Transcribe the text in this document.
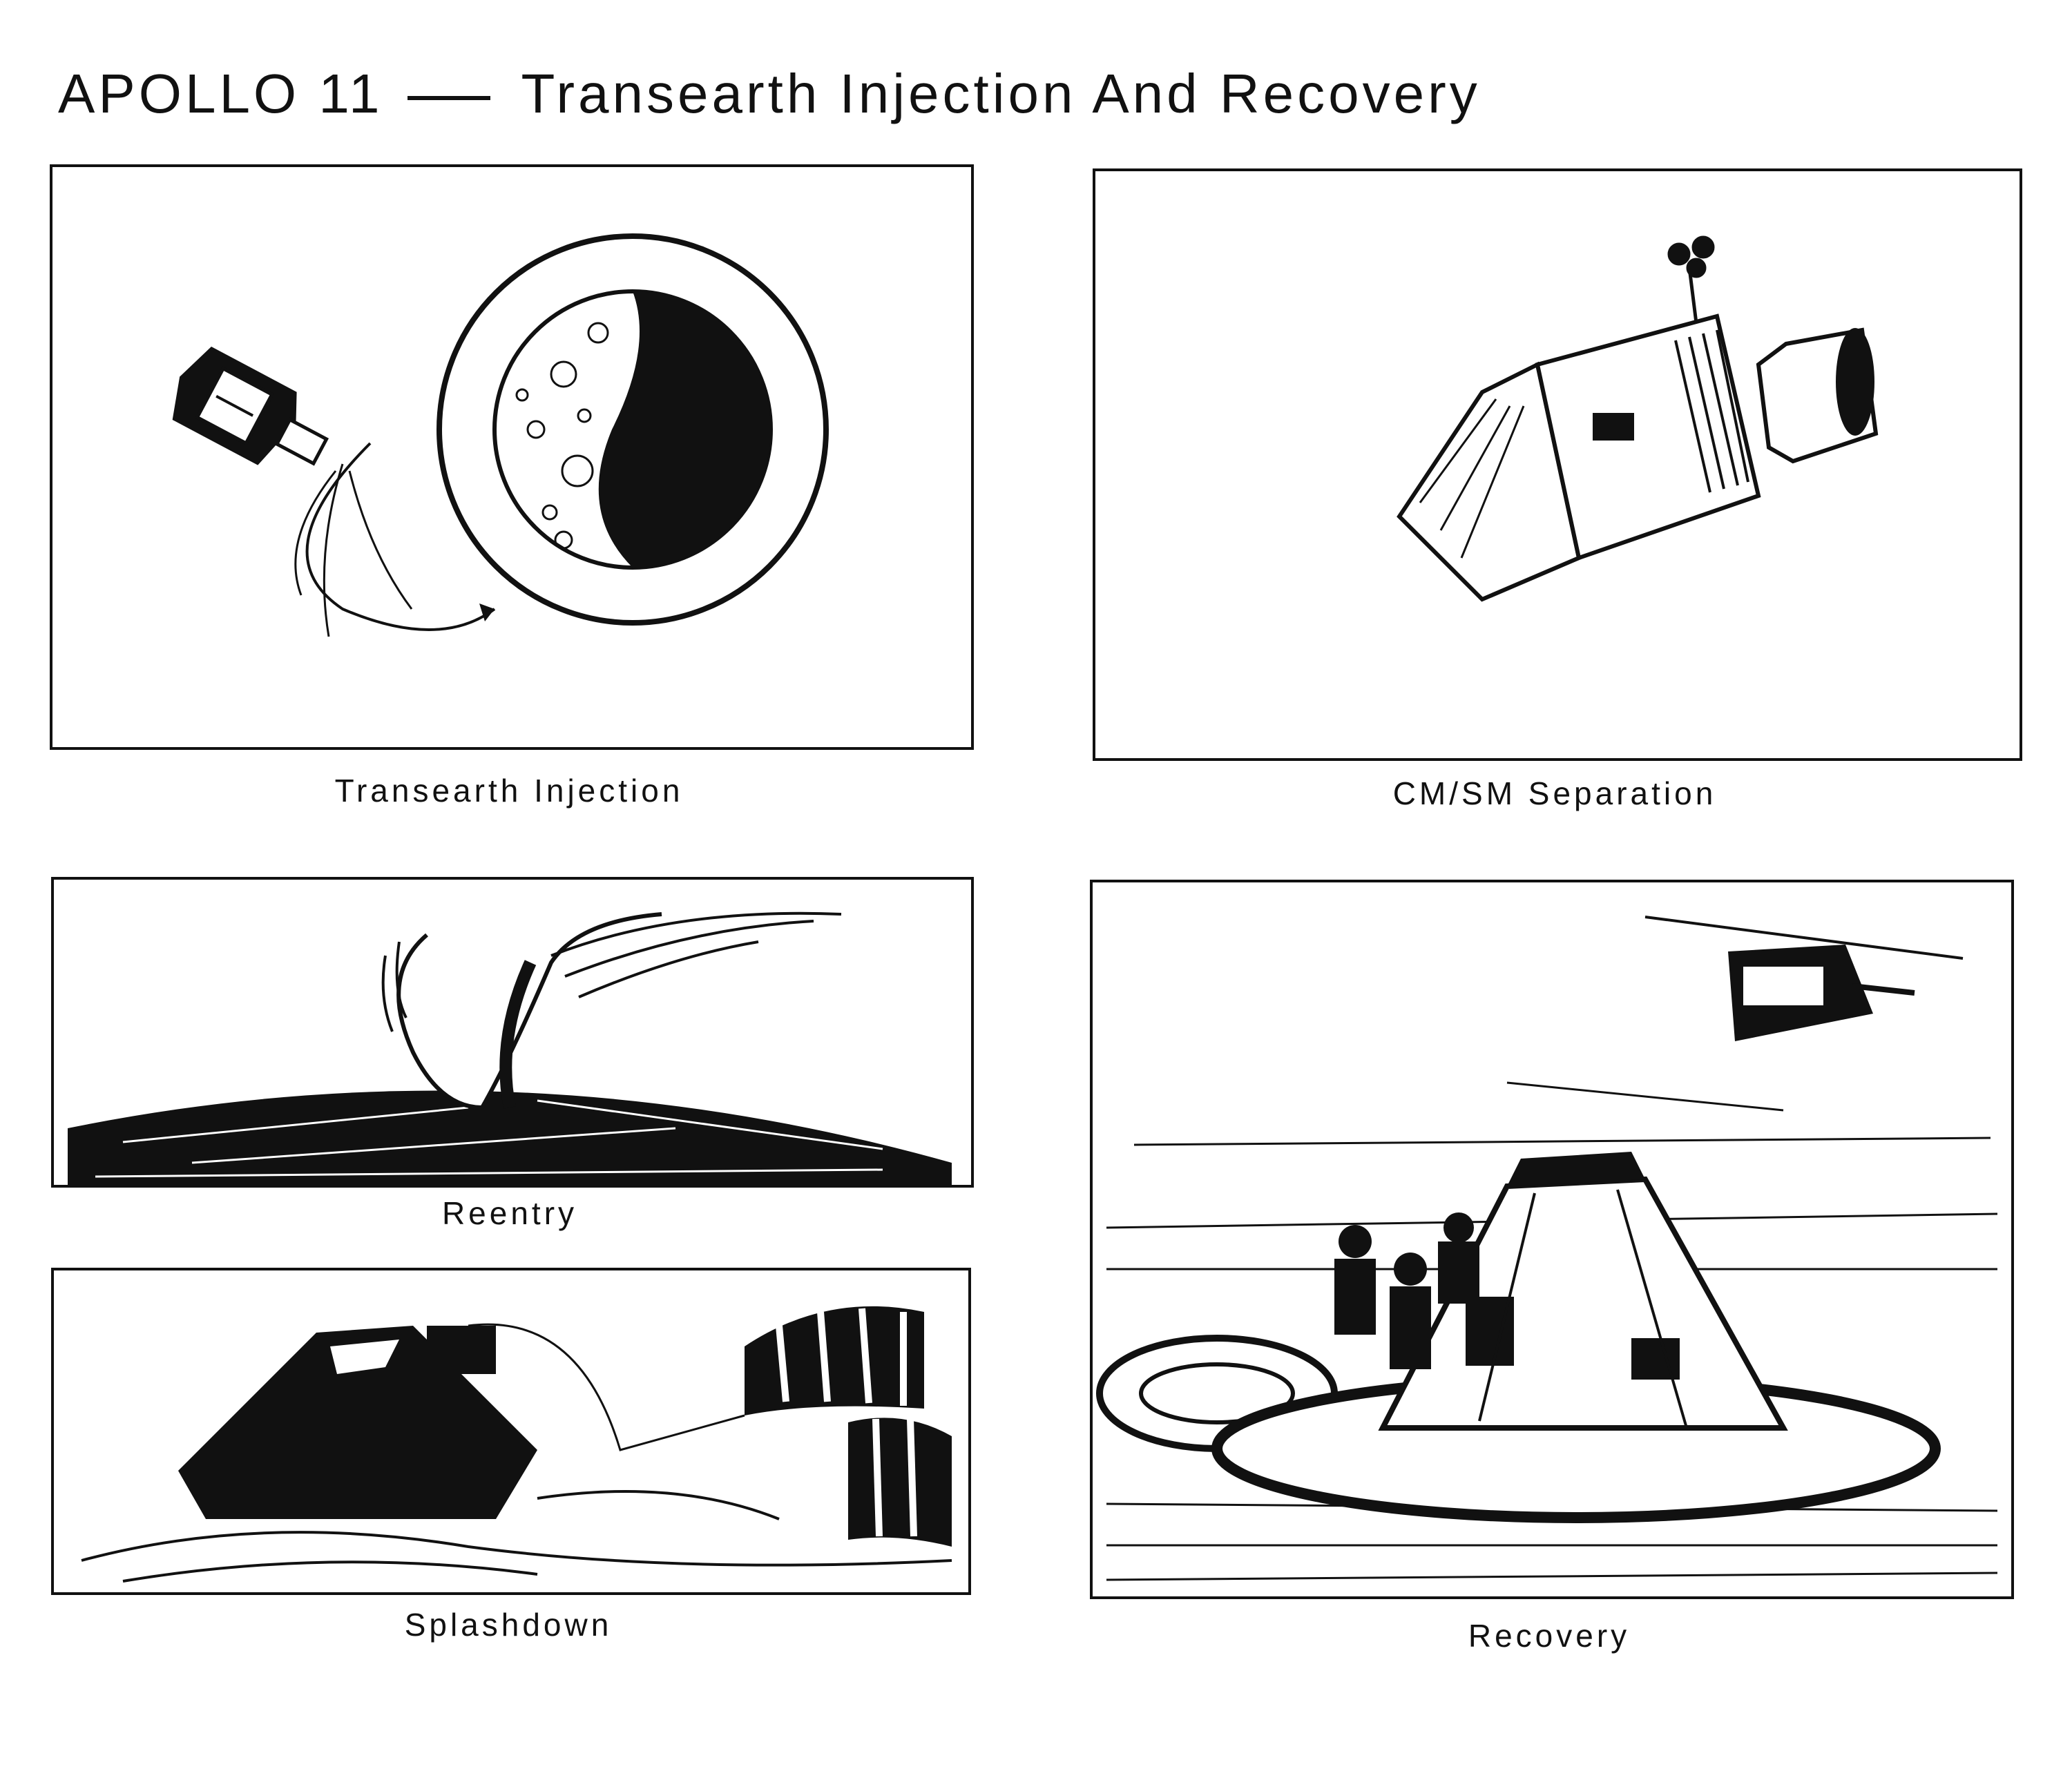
APOLLO 11	Transearth Injection And Recovery
Transearth Injection	CM/SM Separation
Reentry
Splashdown	Recovery
